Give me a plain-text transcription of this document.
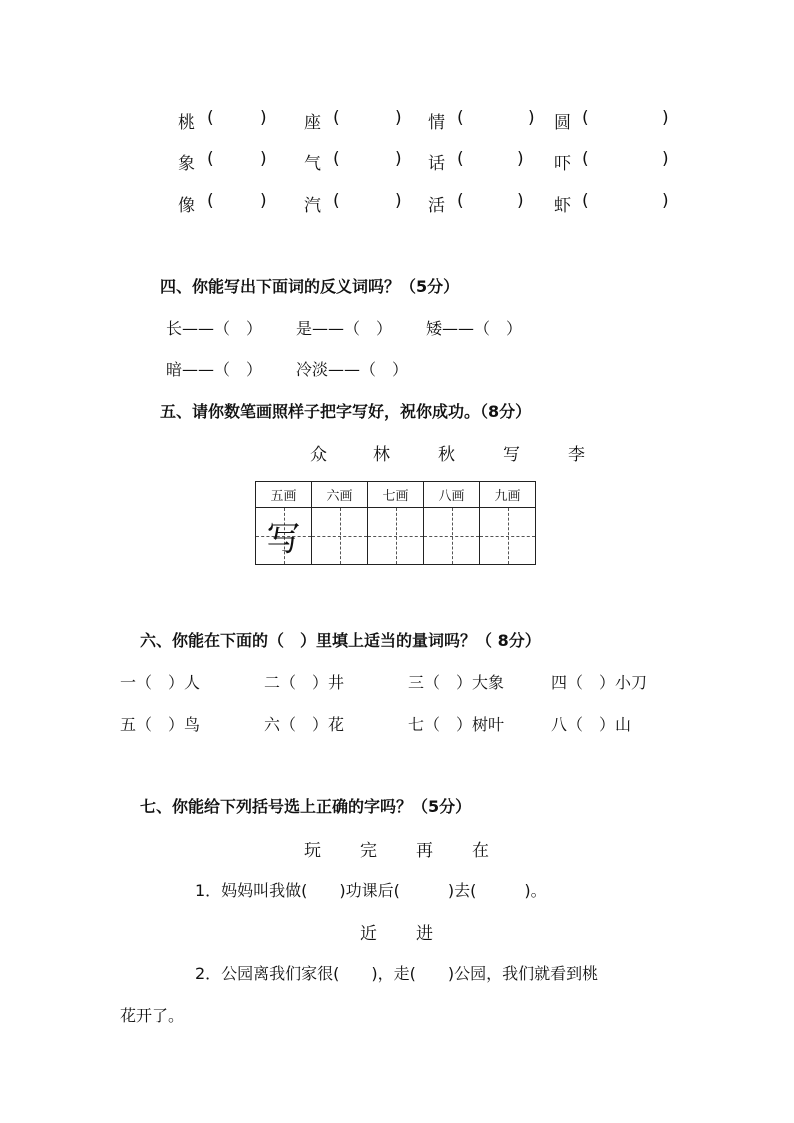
桃 (	) 座 (	) 情 (	) 圆 (	)
象 (	) 气 (	) 话 (	) 吓 (	)
像 (	) 汽 (	) 活 (	) 虾 (	)
四、你能写出下面词的反义词吗？（5分）
长——（　） 是——（　） 矮——（　）
暗——（　） 冷淡——（　）
五、请你数笔画照样子把字写好，祝你成功。（8分）
众	林	秋	写	李
五画	六画	七画	八画	九画

写				

六、你能在下面的（　）里填上适当的量词吗？（ 8分）
一（　）人	二（　）井	三（　）大象	四（　）小刀
五（　）鸟	六（　）花	七（　）树叶	八（　）山
七、你能给下列括号选上正确的字吗？（5分）
玩 完 再 在
1．妈妈叫我做(　　)功课后(　　　)去(　　　)。
近 进
2．公园离我们家很(　　)，走(　　)公园，我们就看到桃
花开了。
